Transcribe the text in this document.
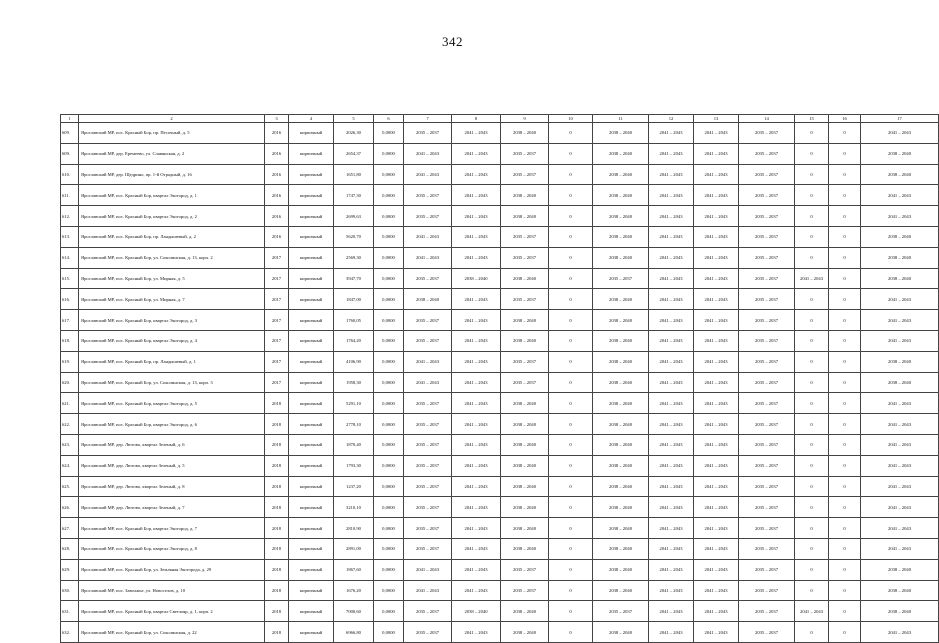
342
1	2	3	4	5	6	7	8	9	10	11	12	13	14	15	16	17
609.	Ярославский МР, пос. Красный Бор, пр. Песочный, д. 5	2016	кирпичный	2026,30	0,0000	2035 – 2037	2041 – 2043	2038 – 2040	0	2038 – 2040	2041 – 2043	2041 – 2043	2035 – 2037	0	0	2041 – 2043
609.	Ярославский МР, дер. Еремеево, ул. Славянская, д. 2	2016	кирпичный	2654,37	0,0000	2041 – 2043	2041 – 2043	2035 – 2037	0	2038 – 2040	2041 – 2043	2041 – 2043	2035 – 2037	0	0	2038 – 2040
610.	Ярославский МР, дер. Щедрино, пр. 1-й Отрадный, д. 16	2016	кирпичный	1651,80	0,0000	2041 – 2043	2041 – 2043	2035 – 2037	0	2038 – 2040	2041 – 2043	2041 – 2043	2035 – 2037	0	0	2038 – 2040
611.	Ярославский МР, пос. Красный Бор, квартал Экогород, д. 1	2016	кирпичный	1747,30	0,0000	2035 – 2037	2041 – 2043	2038 – 2040	0	2038 – 2040	2041 – 2043	2041 – 2043	2035 – 2037	0	0	2041 – 2043
612.	Ярославский МР, пос. Красный Бор, квартал Экогород, д. 2	2016	кирпичный	2699,63	0,0000	2035 – 2037	2041 – 2043	2038 – 2040	0	2038 – 2040	2041 – 2043	2041 – 2043	2035 – 2037	0	0	2041 – 2043
613.	Ярославский МР, пос. Красный Бор, пр. Ландышевый, д. 2	2016	кирпичный	5620,70	0,0000	2041 – 2043	2041 – 2043	2035 – 2037	0	2038 – 2040	2041 – 2043	2041 – 2043	2035 – 2037	0	0	2038 – 2040
614.	Ярославский МР, пос. Красный Бор, ул. Соколинская, д. 13, корп. 2	2017	кирпичный	2569,30	0,0000	2041 – 2043	2041 – 2043	2035 – 2037	0	2038 – 2040	2041 – 2043	2041 – 2043	2035 – 2037	0	0	2038 – 2040
615.	Ярославский МР, пос. Красный Бор, ул. Мирная, д. 5	2017	кирпичный	3947,70	0,0000	2035 – 2037	2038 – 2040	2038 – 2040	0	2035 – 2037	2041 – 2043	2041 – 2043	2035 – 2037	2041 – 2043	0	2038 – 2040
616.	Ярославский МР, пос. Красный Бор, ул. Мирная, д. 7	2017	кирпичный	1847,00	0,0000	2038 – 2040	2041 – 2043	2035 – 2037	0	2038 – 2040	2041 – 2043	2041 – 2043	2035 – 2037	0	0	2041 – 2043
617.	Ярославский МР, пос. Красный Бор, квартал Экогород, д. 3	2017	кирпичный	1760,05	0,0000	2035 – 2037	2041 – 2043	2038 – 2040	0	2038 – 2040	2041 – 2043	2041 – 2043	2035 – 2037	0	0	2041 – 2043
618.	Ярославский МР, пос. Красный Бор, квартал Экогород, д. 4	2017	кирпичный	1764,20	0,0000	2035 – 2037	2041 – 2043	2038 – 2040	0	2038 – 2040	2041 – 2043	2041 – 2043	2035 – 2037	0	0	2041 – 2043
619.	Ярославский МР, пос. Красный Бор, пр. Ландышевый, д. 1	2017	кирпичный	4106,90	0,0000	2041 – 2043	2041 – 2043	2035 – 2037	0	2038 – 2040	2041 – 2043	2041 – 2043	2035 – 2037	0	0	2038 – 2040
620.	Ярославский МР, пос. Красный Бор, ул. Соколинская, д. 13, корп. 3	2017	кирпичный	1958,30	0,0000	2041 – 2043	2041 – 2043	2035 – 2037	0	2038 – 2040	2041 – 2043	2041 – 2043	2035 – 2037	0	0	2038 – 2040
621.	Ярославский МР, пос. Красный Бор, квартал Экогород, д. 5	2018	кирпичный	5291,10	0,0000	2035 – 2037	2041 – 2043	2038 – 2040	0	2038 – 2040	2041 – 2043	2041 – 2043	2035 – 2037	0	0	2041 – 2043
622.	Ярославский МР, пос. Красный Бор, квартал Экогород, д. 6	2018	кирпичный	2778,10	0,0000	2035 – 2037	2041 – 2043	2038 – 2040	0	2038 – 2040	2041 – 2043	2041 – 2043	2035 – 2037	0	0	2041 – 2043
623.	Ярославский МР, дер. Лютово, квартал Зеленый, д. 6	2018	кирпичный	1870,40	0,0000	2035 – 2037	2041 – 2043	2038 – 2040	0	2038 – 2040	2041 – 2043	2041 – 2043	2035 – 2037	0	0	2041 – 2043
624.	Ярославский МР, дер. Лютово, квартал Зеленый, д. 5	2018	кирпичный	1793,30	0,0000	2035 – 2037	2041 – 2043	2038 – 2040	0	2038 – 2040	2041 – 2043	2041 – 2043	2035 – 2037	0	0	2041 – 2043
625.	Ярославский МР, дер. Лютово, квартал Зеленый, д. 8	2018	кирпичный	1237,20	0,0000	2035 – 2037	2041 – 2043	2038 – 2040	0	2038 – 2040	2041 – 2043	2041 – 2043	2035 – 2037	0	0	2041 – 2043
626.	Ярославский МР, дер. Лютово, квартал Зеленый, д. 7	2018	кирпичный	3210,10	0,0000	2035 – 2037	2041 – 2043	2038 – 2040	0	2038 – 2040	2041 – 2043	2041 – 2043	2035 – 2037	0	0	2041 – 2043
627.	Ярославский МР, пос. Красный Бор, квартал Экогород, д. 7	2018	кирпичный	2810,90	0,0000	2035 – 2037	2041 – 2043	2038 – 2040	0	2038 – 2040	2041 – 2043	2041 – 2043	2035 – 2037	0	0	2041 – 2043
628.	Ярославский МР, пос. Красный Бор, квартал Экогород, д. 8	2018	кирпичный	2891,00	0,0000	2035 – 2037	2041 – 2043	2038 – 2040	0	2038 – 2040	2041 – 2043	2041 – 2043	2035 – 2037	0	0	2041 – 2043
629.	Ярославский МР, пос. Красный Бор, ул. Земляная Экогорода, д. 29	2018	кирпичный	1867,60	0,0000	2041 – 2043	2041 – 2043	2035 – 2037	0	2038 – 2040	2041 – 2043	2041 – 2043	2035 – 2037	0	0	2038 – 2040
630.	Ярославский МР, пос. Заволжье, ул. Новоселов, д. 10	2018	кирпичный	1676,20	0,0000	2041 – 2043	2041 – 2043	2035 – 2037	0	2038 – 2040	2041 – 2043	2041 – 2043	2035 – 2037	0	0	2038 – 2040
631.	Ярославский МР, пос. Красный Бор, квартал Светлояр, д. 1, корп. 2	2018	кирпичный	7000,60	0,0000	2035 – 2037	2038 – 2040	2038 – 2040	0	2035 – 2037	2041 – 2043	2041 – 2043	2035 – 2037	2041 – 2043	0	2038 – 2040
632.	Ярославский МР, пос. Красный Бор, ул. Соколинская, д. 22	2018	кирпичный	6966,80	0,0000	2035 – 2037	2041 – 2043	2038 – 2040	0	2038 – 2040	2041 – 2043	2041 – 2043	2035 – 2037	0	0	2041 – 2043
